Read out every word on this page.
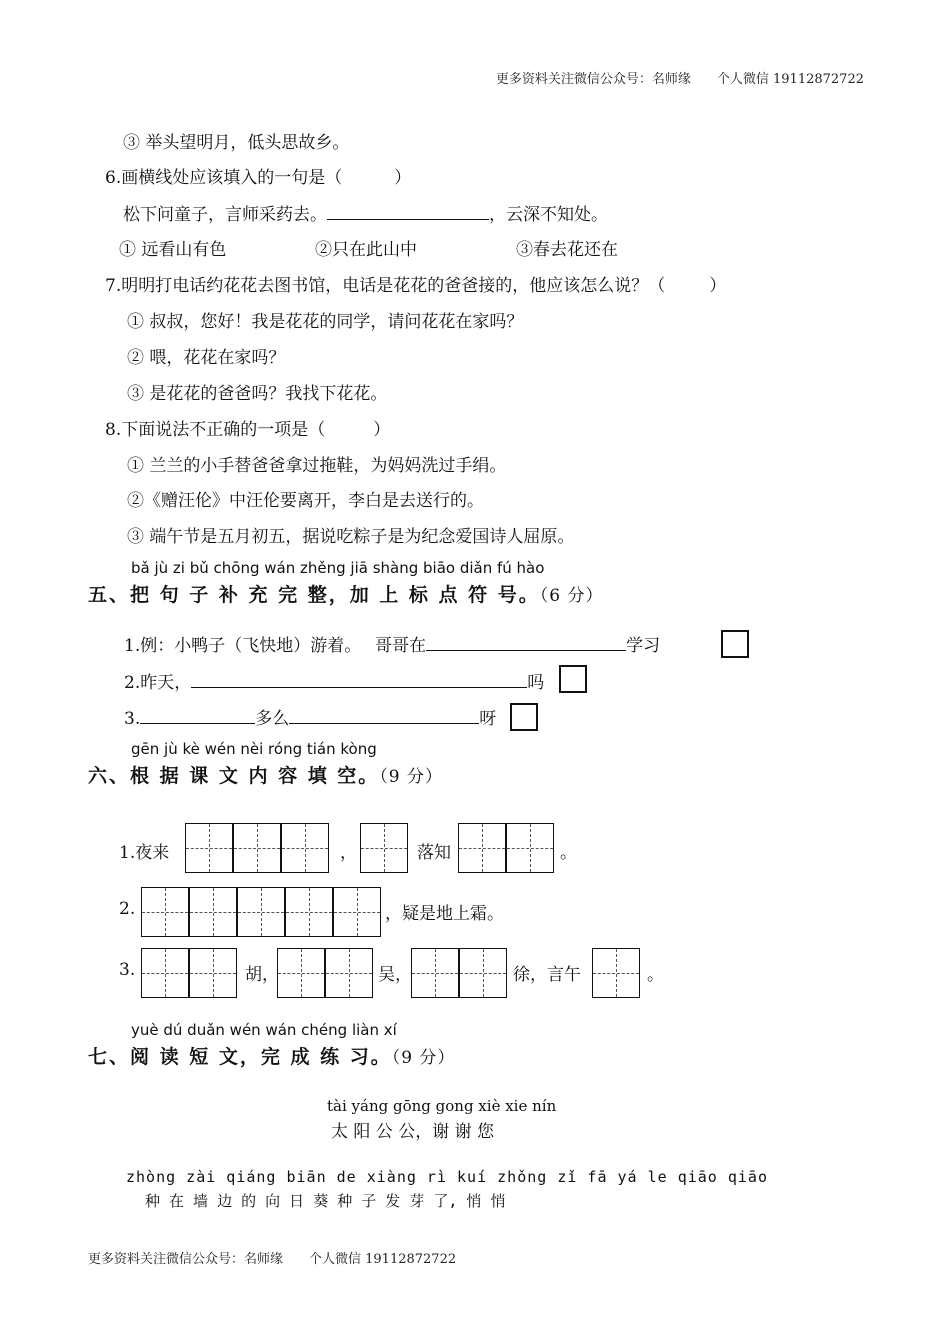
更多资料关注微信公众号：名师缘　　个人微信 19112872722
③ 举头望明月，低头思故乡。
6.画横线处应该填入的一句是（	）
松下问童子，言师采药去。	，云深不知处。
① 远看山有色	②只在此山中	③春去花还在
7.明明打电话约花花去图书馆，电话是花花的爸爸接的，他应该怎么说？（	）
① 叔叔，您好！我是花花的同学，请问花花在家吗？
② 喂，花花在家吗？
③ 是花花的爸爸吗？我找下花花。
8.下面说法不正确的一项是（	）
① 兰兰的小手替爸爸拿过拖鞋，为妈妈洗过手绢。
②《赠汪伦》中汪伦要离开，李白是去送行的。
③ 端午节是五月初五，据说吃粽子是为纪念爱国诗人屈原。
bǎ jù zi bǔ chōng wán zhěng jiā shàng biāo diǎn fú hào
五、把 句 子 补 充 完 整，加 上 标 点 符 号。（6 分）
1.例：小鸭子（飞快地）游着。　 哥哥在	学习
2.昨天，	吗
3.	多么	呀
gēn jù kè wén nèi róng tián kòng
六、根 据 课 文 内 容 填 空。（9 分）
1.夜来	，	落知	。
2.	，疑是地上霜。
3.	胡，	吴，	徐，言午	。
yuè dú duǎn wén wán chéng liàn xí
七、阅 读 短 文，完 成 练 习。（9 分）
tài yáng gōng gong xiè xie nín
太 阳 公 公，谢 谢 您
zhòng zài qiáng biān de xiàng rì kuí zhǒng zǐ fā yá le qiāo qiāo
种 在 墙 边 的 向 日 葵 种 子 发 芽 了, 悄 悄
更多资料关注微信公众号：名师缘　　个人微信 19112872722
